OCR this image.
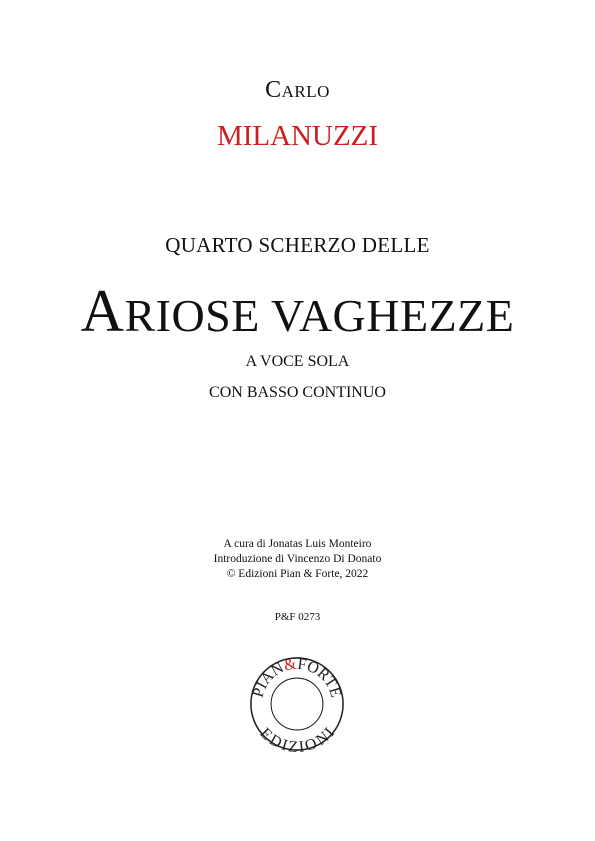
Carlo
MILANUZZI
QUARTO SCHERZO DELLE
ARIOSE VAGHEZZE
A VOCE SOLA
CON BASSO CONTINUO
A cura di Jonatas Luis Monteiro
Introduzione di Vincenzo Di Donato
© Edizioni Pian & Forte, 2022
P&F 0273
PIAN&FORTE
EDIZIONI
